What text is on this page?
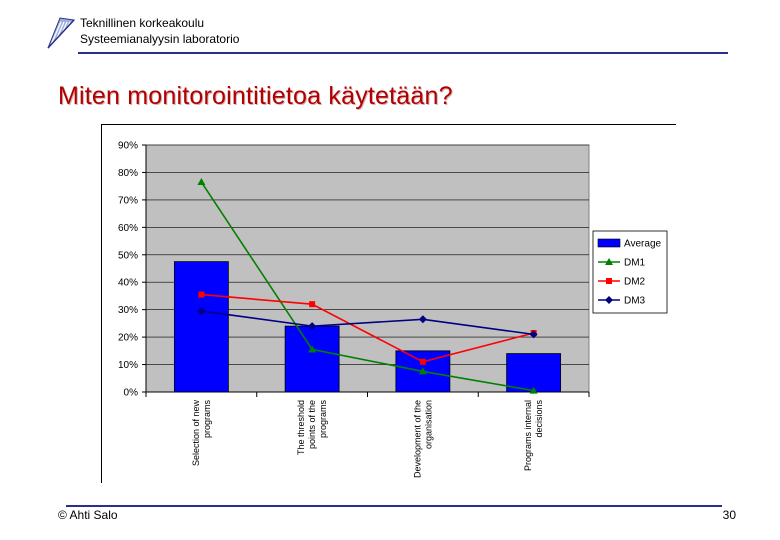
Teknillinen korkeakoulu
Systeemianalyysin laboratorio
Miten monitorointitietoa käytetään?
0%
10%
20%
30%
40%
50%
60%
70%
80%
90%
Selection of new programs	The threshold points of the programs	Development of the organisation	Programs internal decisions
Average
DM1
DM2
DM3
© Ahti Salo	30
